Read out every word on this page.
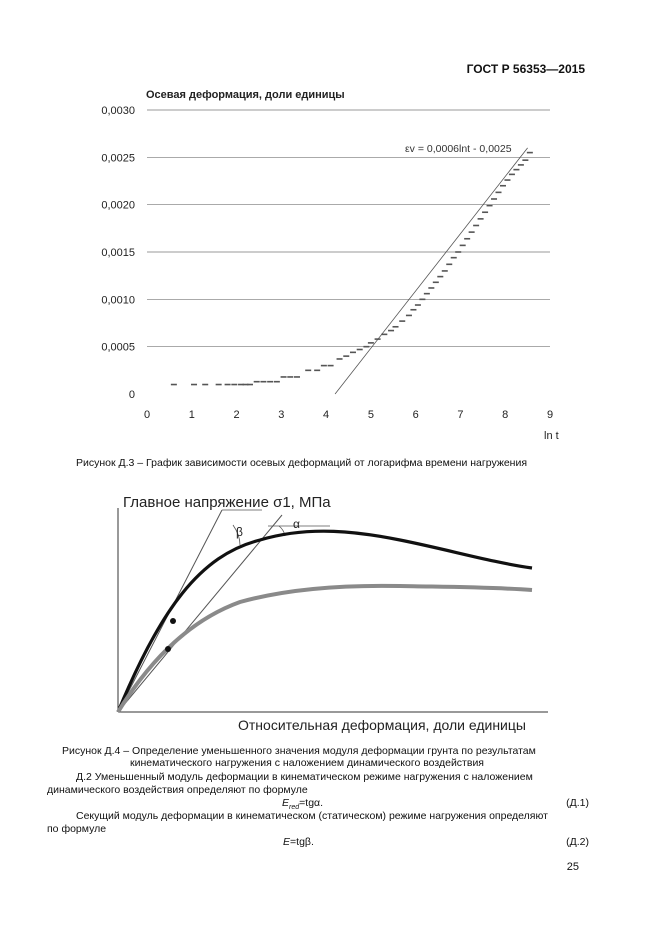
ГОСТ Р 56353—2015
0
0,0005
0,0010
0,0015
0,0020
0,0025
0,0030
0	1	2	3	4	5	6	7	8	9
Осевая деформация, доли единицы
ln t
εv = 0,0006lnt - 0,0025
Рисунок Д.3 – График зависимости осевых деформаций от логарифма времени нагружения
Главное напряжение σ1, МПа
Относительная деформация, доли единицы
β
α
Рисунок Д.4 – Определение уменьшенного значения модуля деформации грунта по результатам
кинематического нагружения с наложением динамического воздействия
Д.2 Уменьшенный модуль деформации в кинематическом режиме нагружения с наложением
динамического воздействия определяют по формуле
$E_{red}=tg\alpha$.	(Д.1)
Секущий модуль деформации в кинематическом (статическом) режиме нагружения определяют
по формуле
E=tgβ.	(Д.2)
25
